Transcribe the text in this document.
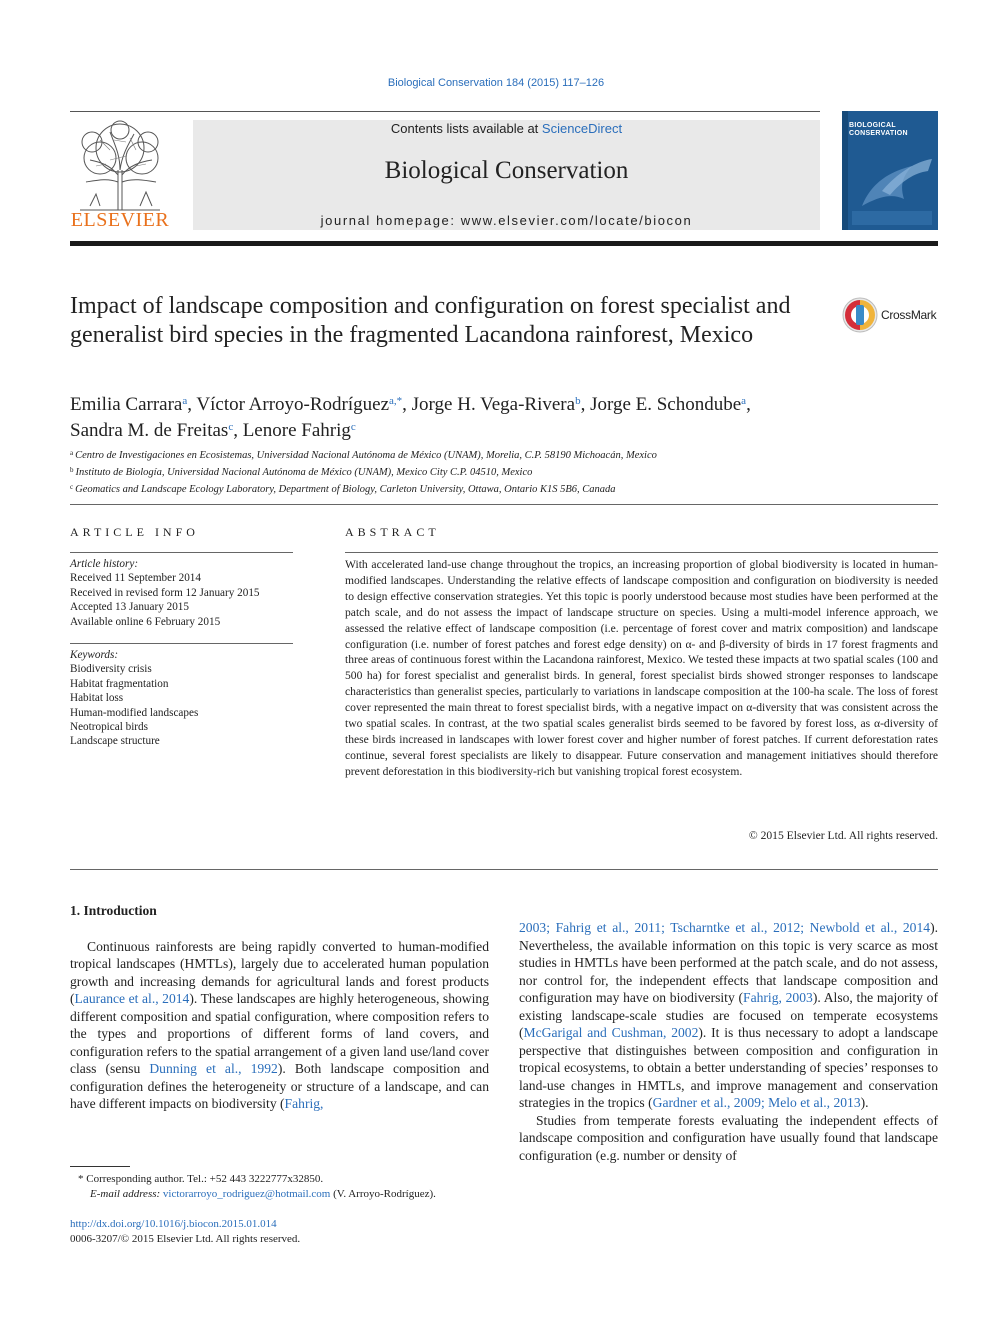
Biological Conservation 184 (2015) 117–126
ELSEVIER
Contents lists available at ScienceDirect
Biological Conservation
journal homepage: www.elsevier.com/locate/biocon
BIOLOGICAL
CONSERVATION
Impact of landscape composition and configuration on forest specialist and generalist bird species in the fragmented Lacandona rainforest, Mexico
CrossMark
Emilia Carrara$^a$, Víctor Arroyo-Rodríguez$^{a,*}$, Jorge H. Vega-Rivera$^b$, Jorge E. Schondube$^a$,
Sandra M. de Freitas$^c$, Lenore Fahrig$^c$
$^a$ Centro de Investigaciones en Ecosistemas, Universidad Nacional Autónoma de México (UNAM), Morelia, C.P. 58190 Michoacán, Mexico
$^b$ Instituto de Biología, Universidad Nacional Autónoma de México (UNAM), Mexico City C.P. 04510, Mexico
$^c$ Geomatics and Landscape Ecology Laboratory, Department of Biology, Carleton University, Ottawa, Ontario K1S 5B6, Canada
ARTICLE INFO
Article history:
Received 11 September 2014
Received in revised form 12 January 2015
Accepted 13 January 2015
Available online 6 February 2015
Keywords:
Biodiversity crisis
Habitat fragmentation
Habitat loss
Human-modified landscapes
Neotropical birds
Landscape structure
ABSTRACT
With accelerated land-use change throughout the tropics, an increasing proportion of global biodiversity is located in human-modified landscapes. Understanding the relative effects of landscape composition and configuration on biodiversity is needed to design effective conservation strategies. Yet this topic is poorly understood because most studies have been performed at the patch scale, and do not assess the impact of landscape structure on species. Using a multi-model inference approach, we assessed the relative effect of landscape composition (i.e. percentage of forest cover and matrix composition) and landscape configuration (i.e. number of forest patches and forest edge density) on α- and β-diversity of birds in 17 forest fragments and three areas of continuous forest within the Lacandona rainforest, Mexico. We tested these impacts at two spatial scales (100 and 500 ha) for forest specialist and generalist birds. In general, forest specialist birds showed stronger responses to landscape characteristics than generalist species, particularly to variations in landscape composition at the 100-ha scale. The loss of forest cover represented the main threat to forest specialist birds, with a negative impact on α-diversity that was consistent across the two spatial scales. In contrast, at the two spatial scales generalist birds seemed to be favored by forest loss, as α-diversity of these birds increased in landscapes with lower forest cover and higher number of forest patches. If current deforestation rates continue, several forest specialists are likely to disappear. Future conservation and management initiatives should therefore prevent deforestation in this biodiversity-rich but vanishing tropical forest ecosystem.
© 2015 Elsevier Ltd. All rights reserved.
1. Introduction

Continuous rainforests are being rapidly converted to human-modified tropical landscapes (HMTLs), largely due to accelerated human population growth and increasing demands for agricultural lands and forest products (Laurance et al., 2014). These landscapes are highly heterogeneous, showing different composition and spatial configuration, where composition refers to the types and proportions of different forms of land covers, and configuration refers to the spatial arrangement of a given land use/land cover class (sensu Dunning et al., 1992). Both landscape composition and configuration defines the heterogeneity or structure of a landscape, and can have different impacts on biodiversity (Fahrig,

2003; Fahrig et al., 2011; Tscharntke et al., 2012; Newbold et al., 2014). Nevertheless, the available information on this topic is very scarce as most studies in HMTLs have been performed at the patch scale, and do not assess, nor control for, the independent effects that landscape composition and configuration may have on biodiversity (Fahrig, 2003). Also, the majority of existing landscape-scale studies are focused on temperate ecosystems (McGarigal and Cushman, 2002). It is thus necessary to adopt a landscape perspective that distinguishes between composition and configuration in tropical ecosystems, to obtain a better understanding of species’ responses to land-use changes in HMTLs, and improve management and conservation strategies in the tropics (Gardner et al., 2009; Melo et al., 2013).

Studies from temperate forests evaluating the independent effects of landscape composition and configuration have usually found that landscape configuration (e.g. number or density of

* Corresponding author. Tel.: +52 443 3222777x32850.
E-mail address: victorarroyo_rodriguez@hotmail.com (V. Arroyo-Rodríguez).
http://dx.doi.org/10.1016/j.biocon.2015.01.014
0006-3207/© 2015 Elsevier Ltd. All rights reserved.
